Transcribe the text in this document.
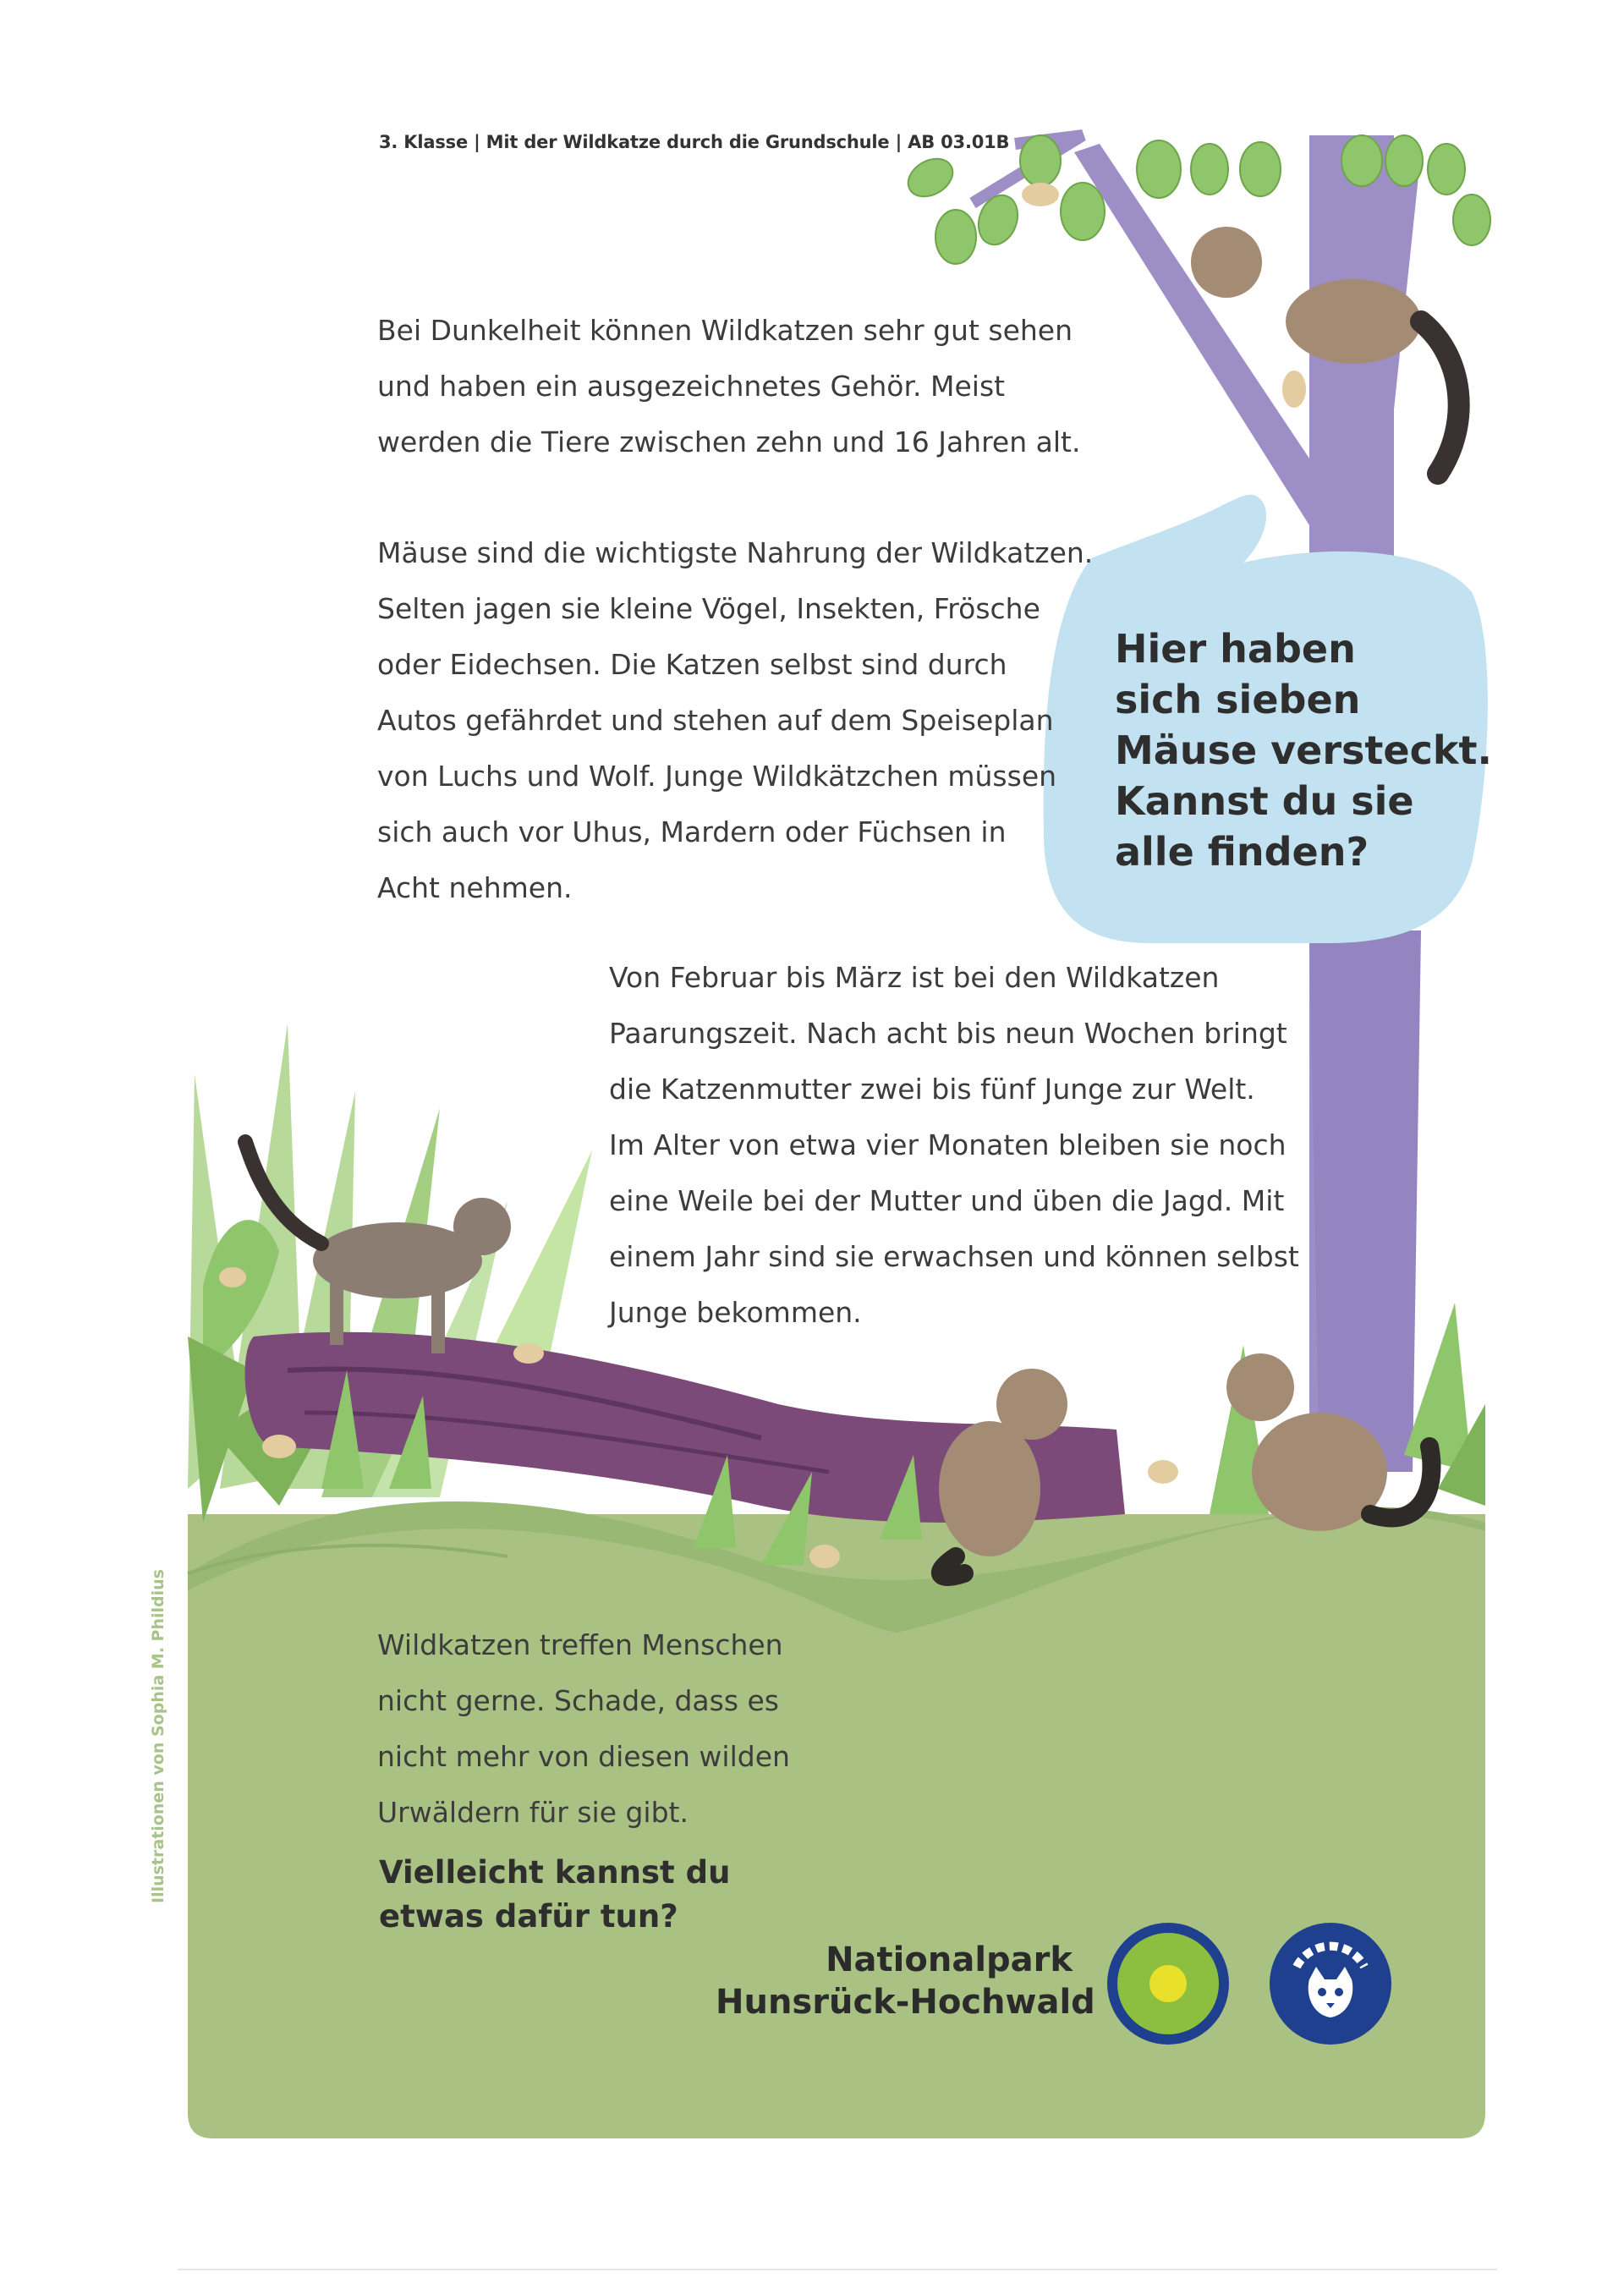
3. Klasse | Mit der Wildkatze durch die Grundschule | AB 03.01B
Bei Dunkelheit können Wildkatzen sehr gut sehen
und haben ein ausgezeichnetes Gehör. Meist
werden die Tiere zwischen zehn und 16 Jahren alt.
Mäuse sind die wichtigste Nahrung der Wildkatzen.
Selten jagen sie kleine Vögel, Insekten, Frösche
oder Eidechsen. Die Katzen selbst sind durch
Autos gefährdet und stehen auf dem Speiseplan
von Luchs und Wolf. Junge Wildkätzchen müssen
sich auch vor Uhus, Mardern oder Füchsen in
Acht nehmen.
Von Februar bis März ist bei den Wildkatzen
Paarungszeit. Nach acht bis neun Wochen bringt
die Katzenmutter zwei bis fünf Junge zur Welt.
Im Alter von etwa vier Monaten bleiben sie noch
eine Weile bei der Mutter und üben die Jagd. Mit
einem Jahr sind sie erwachsen und können selbst
Junge bekommen.
Wildkatzen treffen Menschen
nicht gerne. Schade, dass es
nicht mehr von diesen wilden
Urwäldern für sie gibt.
Hier haben
sich sieben
Mäuse versteckt.
Kannst du sie
alle finden?
Vielleicht kannst du
etwas dafür tun?
Nationalpark
Hunsrück-Hochwald
Illustrationen von Sophia M. Phildius
